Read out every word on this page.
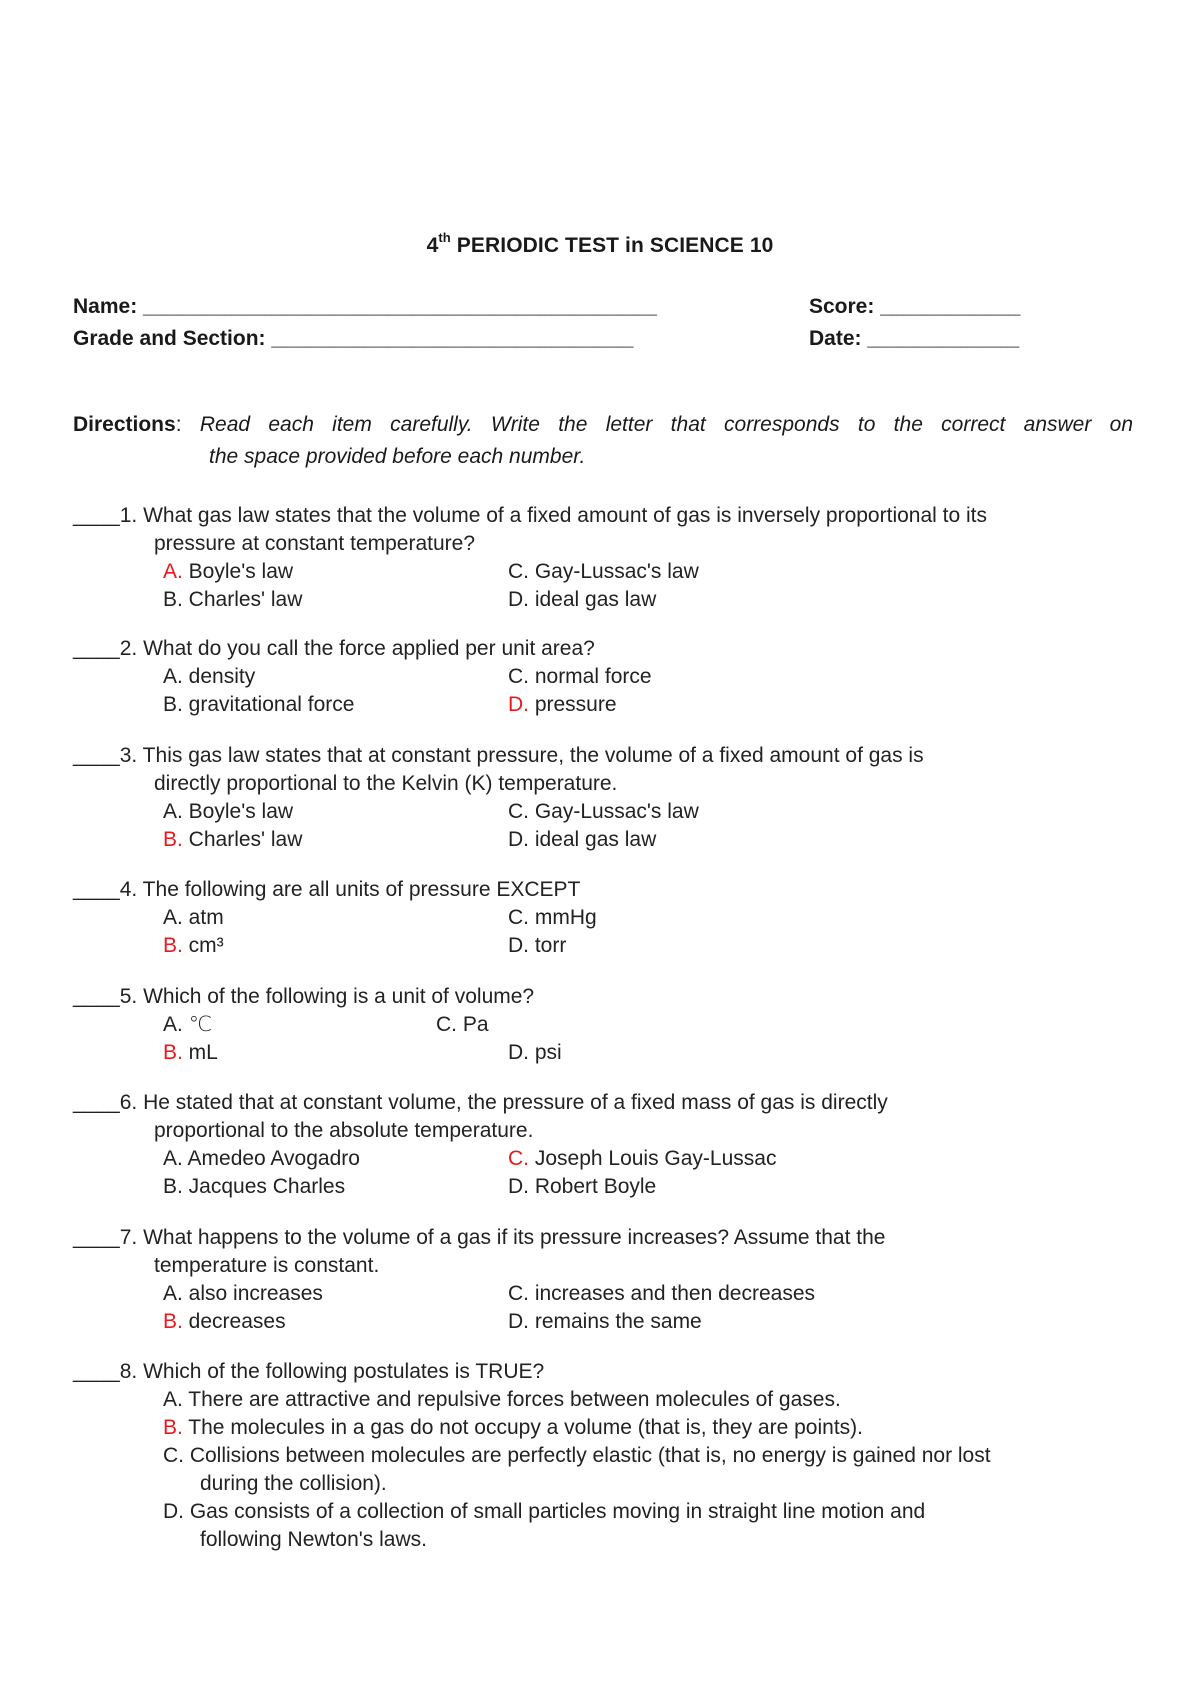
4th PERIODIC TEST in SCIENCE 10
Name: ____________________________________________	Score: ____________
Grade and Section: _______________________________	Date: _____________
Directions: Read each item carefully. Write the letter that corresponds to the correct answer on
the space provided before each number.
____1. What gas law states that the volume of a fixed amount of gas is inversely proportional to its
pressure at constant temperature?
A. Boyle's law	C. Gay-Lussac's law
B. Charles' law	D. ideal gas law
____2. What do you call the force applied per unit area?
A. density	C. normal force
B. gravitational force	D. pressure
____3. This gas law states that at constant pressure, the volume of a fixed amount of gas is
directly proportional to the Kelvin (K) temperature.
A. Boyle's law	C. Gay-Lussac's law
B. Charles' law	D. ideal gas law
____4. The following are all units of pressure EXCEPT
A. atm	C. mmHg
B. cm³	D. torr
____5. Which of the following is a unit of volume?
A. ℃	C. Pa
B. mL	D. psi
____6. He stated that at constant volume, the pressure of a fixed mass of gas is directly
proportional to the absolute temperature.
A. Amedeo Avogadro	C. Joseph Louis Gay-Lussac
B. Jacques Charles	D. Robert Boyle
____7. What happens to the volume of a gas if its pressure increases? Assume that the
temperature is constant.
A. also increases	C. increases and then decreases
B. decreases	D. remains the same
____8. Which of the following postulates is TRUE?
A. There are attractive and repulsive forces between molecules of gases.
B. The molecules in a gas do not occupy a volume (that is, they are points).
C. Collisions between molecules are perfectly elastic (that is, no energy is gained nor lost
during the collision).
D. Gas consists of a collection of small particles moving in straight line motion and
following Newton's laws.
